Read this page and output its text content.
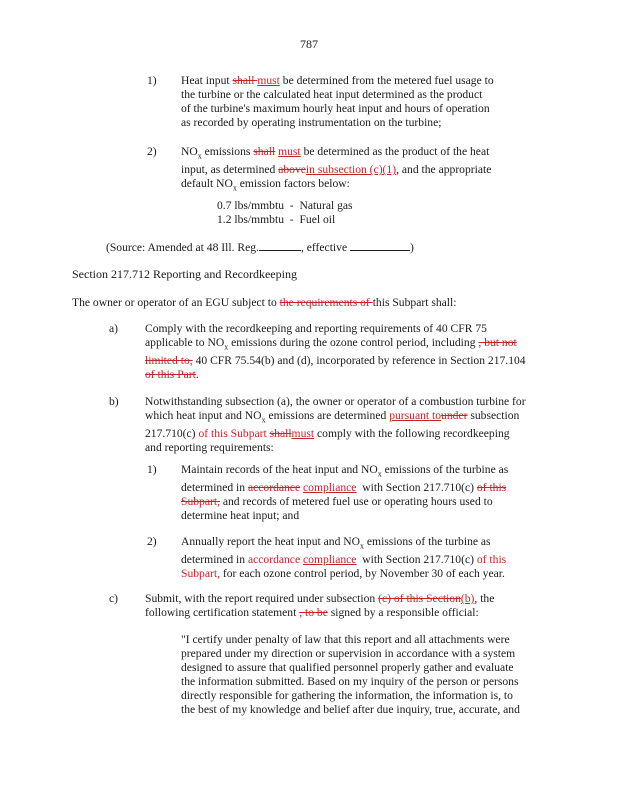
787
1) Heat input shall must be determined from the metered fuel usage to

the turbine or the calculated heat input determined as the product

of the turbine's maximum hourly heat input and hours of operation

as recorded by operating instrumentation on the turbine;

2) $NO_x$ emissions shall must be determined as the product of the heat

input, as determined abovein subsection (c)(1), and the appropriate

default $NO_x$ emission factors below:

0.7 lbs/mmbtu  -  Natural gas

1.2 lbs/mmbtu  -  Fuel oil

(Source: Amended at 48 Ill. Reg.	, effective	)

Section 217.712 Reporting and Recordkeeping

The owner or operator of an EGU subject to the requirements of this Subpart shall:

a) Comply with the recordkeeping and reporting requirements of 40 CFR 75

applicable to $NO_x$ emissions during the ozone control period, including , but not

limited to, 40 CFR 75.54(b) and (d), incorporated by reference in Section 217.104

of this Part.

b) Notwithstanding subsection (a), the owner or operator of a combustion turbine for

which heat input and $NO_x$ emissions are determined pursuant tounder subsection

217.710(c) of this Subpart shallmust comply with the following recordkeeping

and reporting requirements:

1) Maintain records of the heat input and $NO_x$ emissions of the turbine as

determined in accordance compliance  with Section 217.710(c) of this

Subpart, and records of metered fuel use or operating hours used to

determine heat input; and

2) Annually report the heat input and $NO_x$ emissions of the turbine as

determined in accordance compliance  with Section 217.710(c) of this

Subpart, for each ozone control period, by November 30 of each year.

c) Submit, with the report required under subsection (c) of this Section(b), the

following certification statement , to be signed by a responsible official:

"I certify under penalty of law that this report and all attachments were

prepared under my direction or supervision in accordance with a system

designed to assure that qualified personnel properly gather and evaluate

the information submitted. Based on my inquiry of the person or persons

directly responsible for gathering the information, the information is, to

the best of my knowledge and belief after due inquiry, true, accurate, and
